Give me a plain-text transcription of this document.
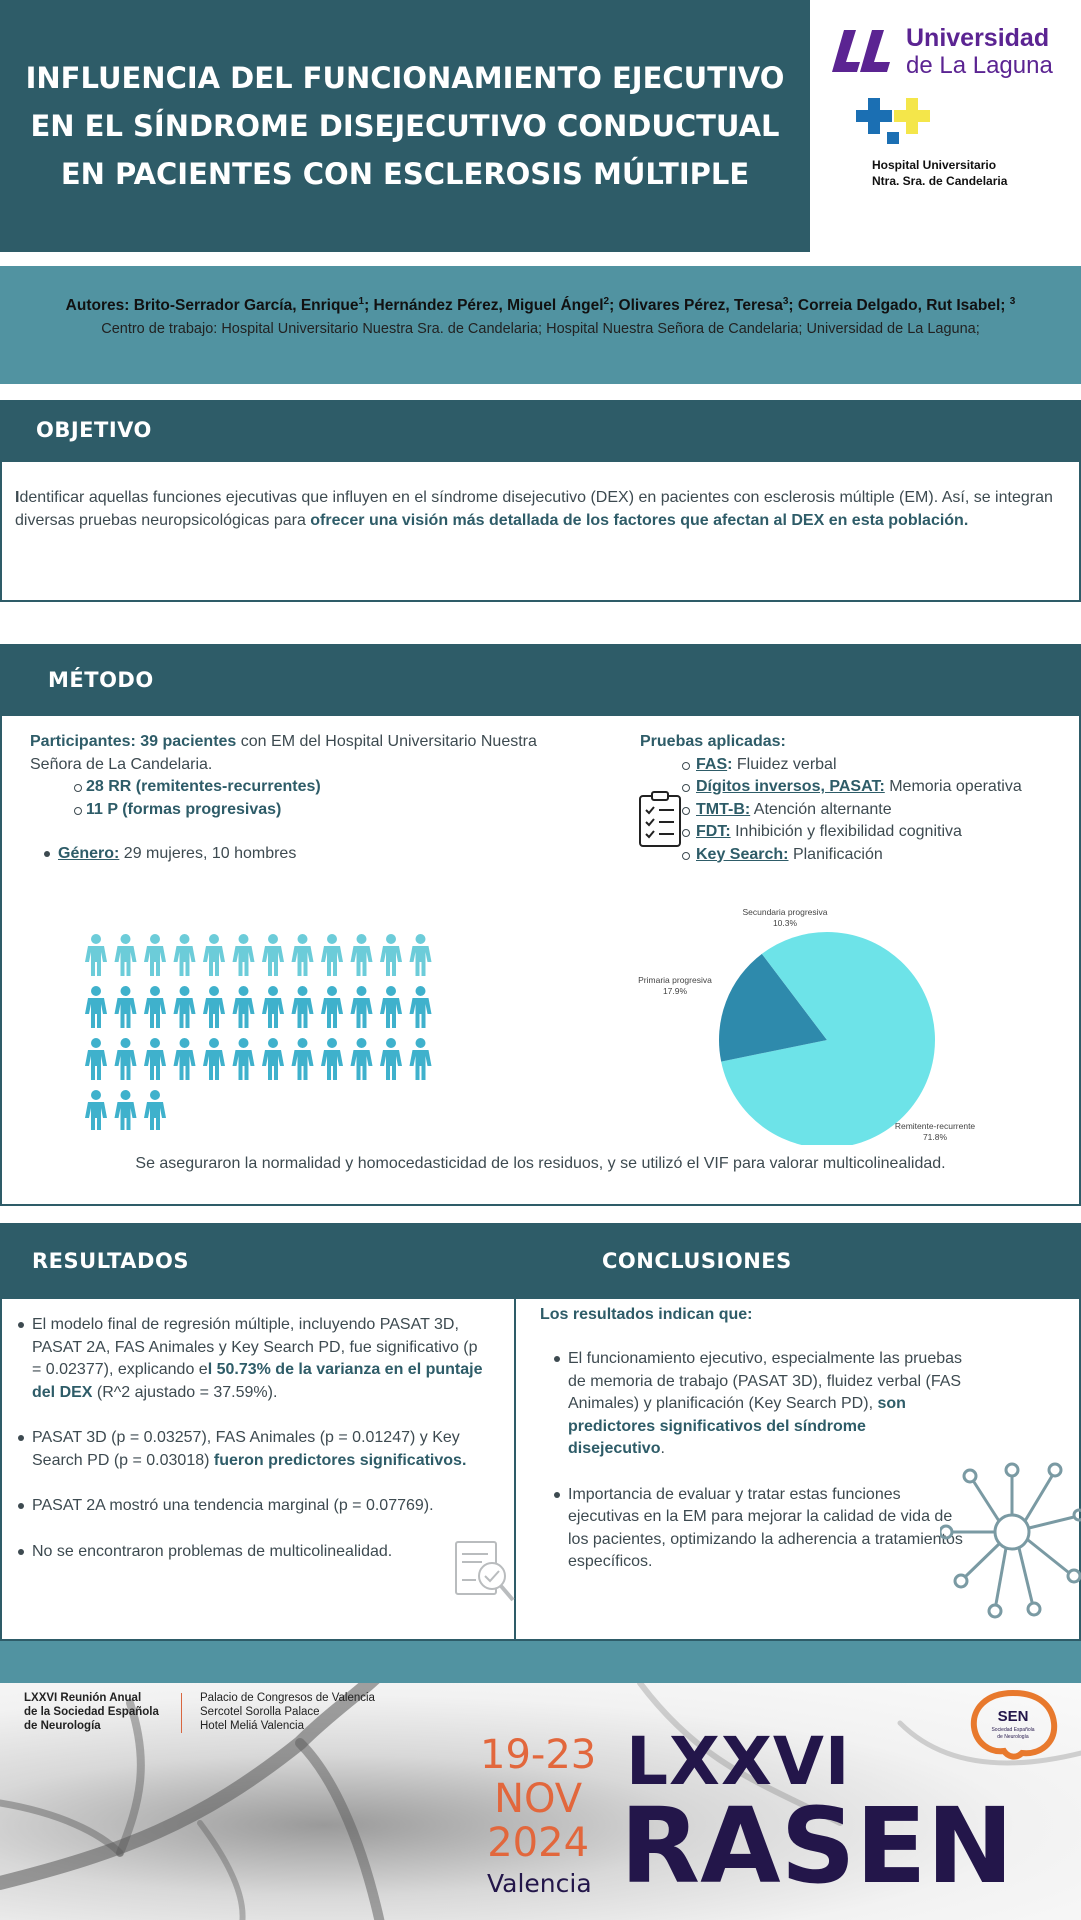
INFLUENCIA DEL FUNCIONAMIENTO EJECUTIVO
EN EL SÍNDROME DISEJECUTIVO CONDUCTUAL
EN PACIENTES CON ESCLEROSIS MÚLTIPLE
Universidad
de La Laguna
Hospital Universitario
Ntra. Sra. de Candelaria
Autores: Brito-Serrador García, Enrique$^1$; Hernández Pérez, Miguel Ángel$^2$; Olivares Pérez, Teresa$^3$; Correia Delgado, Rut Isabel; $^3$
Centro de trabajo: Hospital Universitario Nuestra Sra. de Candelaria; Hospital Nuestra Señora de Candelaria; Universidad de La Laguna;
OBJETIVO
Identificar aquellas funciones ejecutivas que influyen en el síndrome disejecutivo (DEX) en pacientes con esclerosis múltiple (EM). Así, se integran diversas pruebas neuropsicológicas para ofrecer una visión más detallada de los factores que afectan al DEX en esta población.
MÉTODO
Participantes: 39 pacientes con EM del Hospital Universitario Nuestra Señora de La Candelaria.
28 RR (remitentes-recurrentes)
11 P (formas progresivas)
Género: 29 mujeres, 10 hombres
Pruebas aplicadas:
FAS: Fluidez verbal
Dígitos inversos, PASAT: Memoria operativa
TMT-B: Atención alternante
FDT: Inhibición y flexibilidad cognitiva
Key Search: Planificación
Secundaria progresiva
10.3%
Primaria progresiva
17.9%
Remitente-recurrente
71.8%
Se aseguraron la normalidad y homocedasticidad de los residuos, y se utilizó el VIF para valorar multicolinealidad.
RESULTADOS	CONCLUSIONES
El modelo final de regresión múltiple, incluyendo PASAT 3D, PASAT 2A, FAS Animales y Key Search PD, fue significativo (p = 0.02377), explicando el 50.73% de la varianza en el puntaje del DEX (R^2 ajustado = 37.59%).
PASAT 3D (p = 0.03257), FAS Animales (p = 0.01247) y Key Search PD (p = 0.03018) fueron predictores significativos.
PASAT 2A mostró una tendencia marginal (p = 0.07769).
No se encontraron problemas de multicolinealidad.
Los resultados indican que:
El funcionamiento ejecutivo, especialmente las pruebas de memoria de trabajo (PASAT 3D), fluidez verbal (FAS Animales) y planificación (Key Search PD), son predictores significativos del síndrome disejecutivo.
Importancia de evaluar y tratar estas funciones ejecutivas en la EM para mejorar la calidad de vida de los pacientes, optimizando la adherencia a tratamientos específicos.
LXXVI Reunión Anual
de la Sociedad Española
de Neurología
Palacio de Congresos de Valencia
Sercotel Sorolla Palace
Hotel Meliá Valencia
19-23
NOV
2024
Valencia
LXXVI
RASEN
SEN
Sociedad Española
de Neurología
